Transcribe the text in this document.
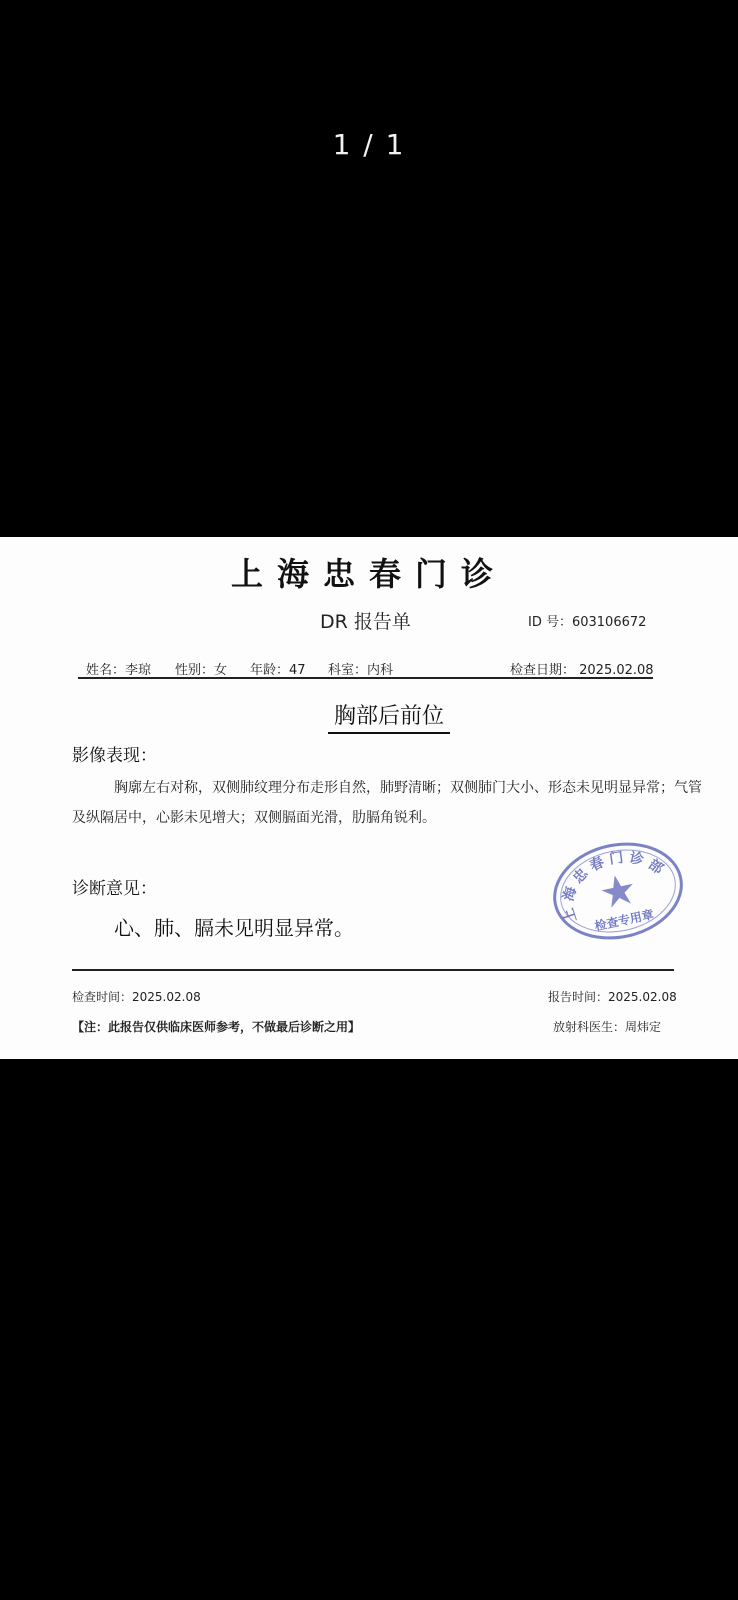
1 / 1
上海忠春门诊
DR 报告单	ID 号：603106672
姓名：李琼 性别：女 年龄：47 科室：内科	检查日期： 2025.02.08
胸部后前位
影像表现：
胸廓左右对称，双侧肺纹理分布走形自然，肺野清晰；双侧肺门大小、形态未见明显异常；气管及纵隔居中，心影未见增大；双侧膈面光滑，肋膈角锐利。
诊断意见：
心、肺、膈未见明显异常。
上 海 忠 春 门 诊 部
检查专用章
检查时间：2025.02.08	报告时间：2025.02.08
【注：此报告仅供临床医师参考，不做最后诊断之用】	放射科医生：周炜定
